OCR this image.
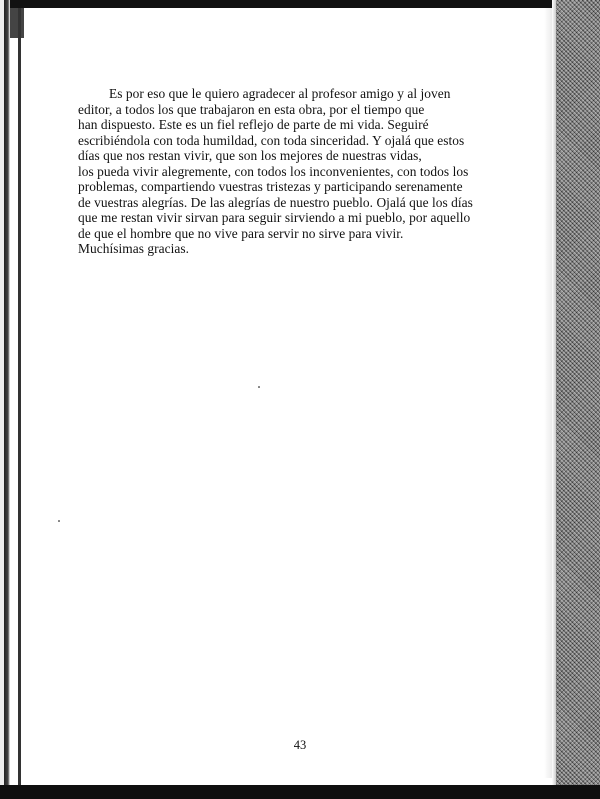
Es por eso que le quiero agradecer al profesor amigo y al joven
editor, a todos los que trabajaron en esta obra, por el tiempo que
han dispuesto. Este es un fiel reflejo de parte de mi vida. Seguiré
escribiéndola con toda humildad, con toda sinceridad. Y ojalá que estos
días que nos restan vivir, que son los mejores de nuestras vidas,
los pueda vivir alegremente, con todos los inconvenientes, con todos los
problemas, compartiendo vuestras tristezas y participando serenamente
de vuestras alegrías. De las alegrías de nuestro pueblo. Ojalá que los días
que me restan vivir sirvan para seguir sirviendo a mi pueblo, por aquello
de que el hombre que no vive para servir no sirve para vivir.
Muchísimas gracias.
43
